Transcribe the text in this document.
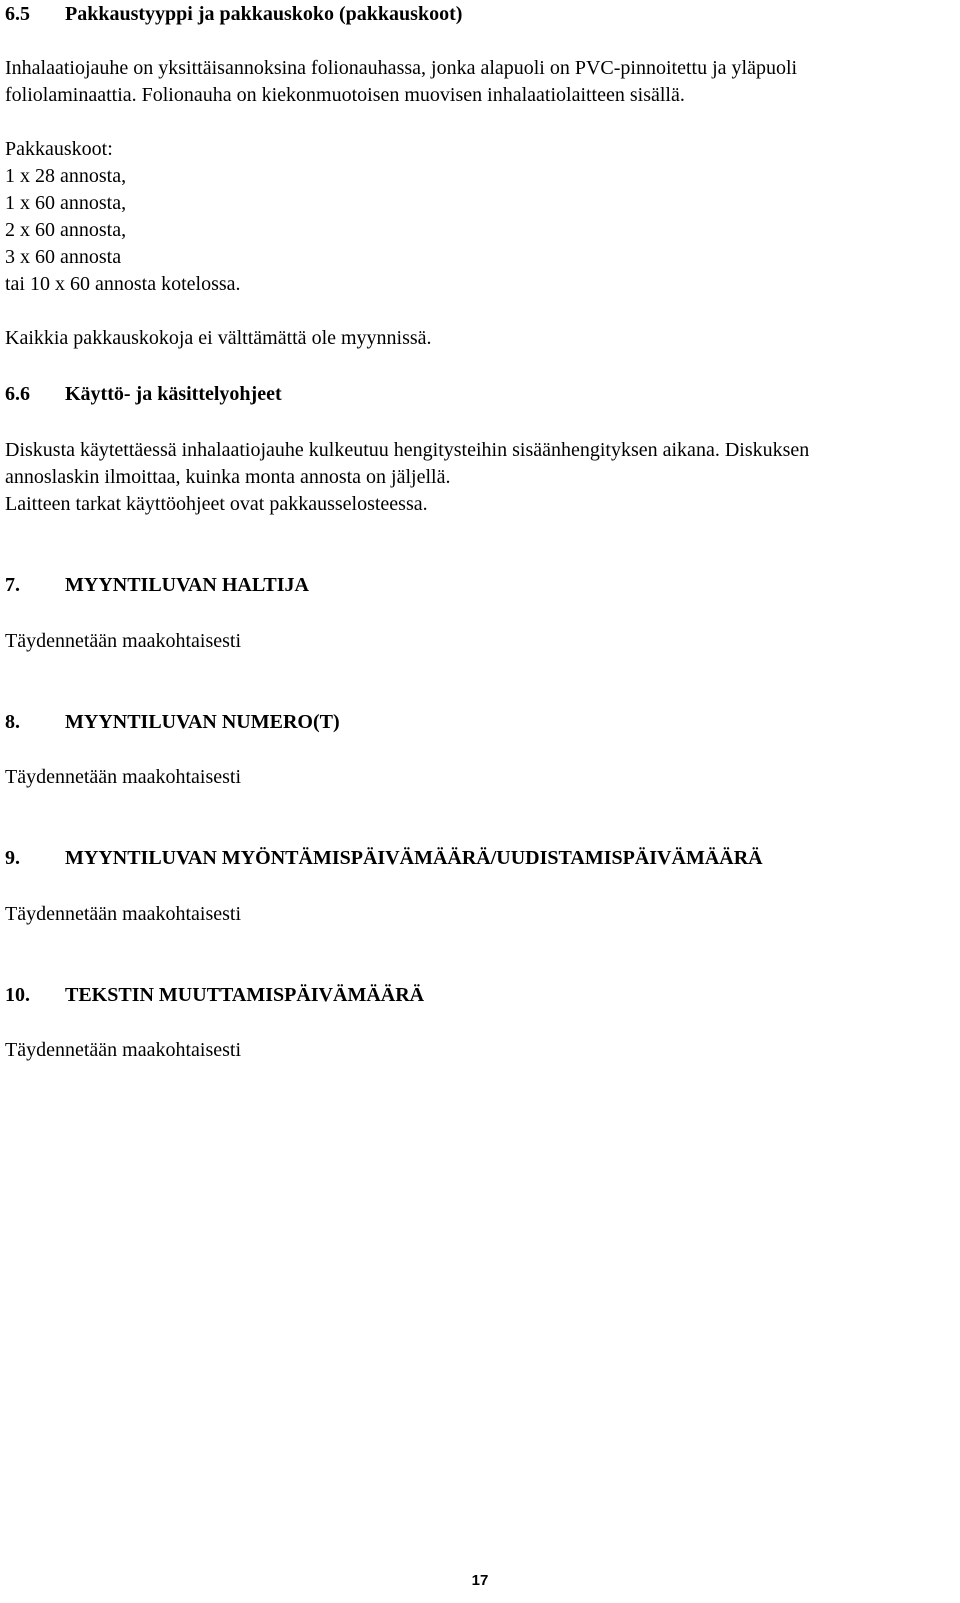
6.5 Pakkaustyyppi ja pakkauskoko (pakkauskoot)

Inhalaatiojauhe on yksittäisannoksina folionauhassa, jonka alapuoli on PVC-pinnoitettu ja yläpuoli

foliolaminaattia. Folionauha on kiekonmuotoisen muovisen inhalaatiolaitteen sisällä.

Pakkauskoot:

1 x 28 annosta,

1 x 60 annosta,

2 x 60 annosta,

3 x 60 annosta

tai 10 x 60 annosta kotelossa.

Kaikkia pakkauskokoja ei välttämättä ole myynnissä.

6.6 Käyttö- ja käsittelyohjeet

Diskusta käytettäessä inhalaatiojauhe kulkeutuu hengitysteihin sisäänhengityksen aikana. Diskuksen

annoslaskin ilmoittaa, kuinka monta annosta on jäljellä.

Laitteen tarkat käyttöohjeet ovat pakkausselosteessa.

7. MYYNTILUVAN HALTIJA

Täydennetään maakohtaisesti

8. MYYNTILUVAN NUMERO(T)

Täydennetään maakohtaisesti

9. MYYNTILUVAN MYÖNTÄMISPÄIVÄMÄÄRÄ/UUDISTAMISPÄIVÄMÄÄRÄ

Täydennetään maakohtaisesti

10. TEKSTIN MUUTTAMISPÄIVÄMÄÄRÄ

Täydennetään maakohtaisesti

17
